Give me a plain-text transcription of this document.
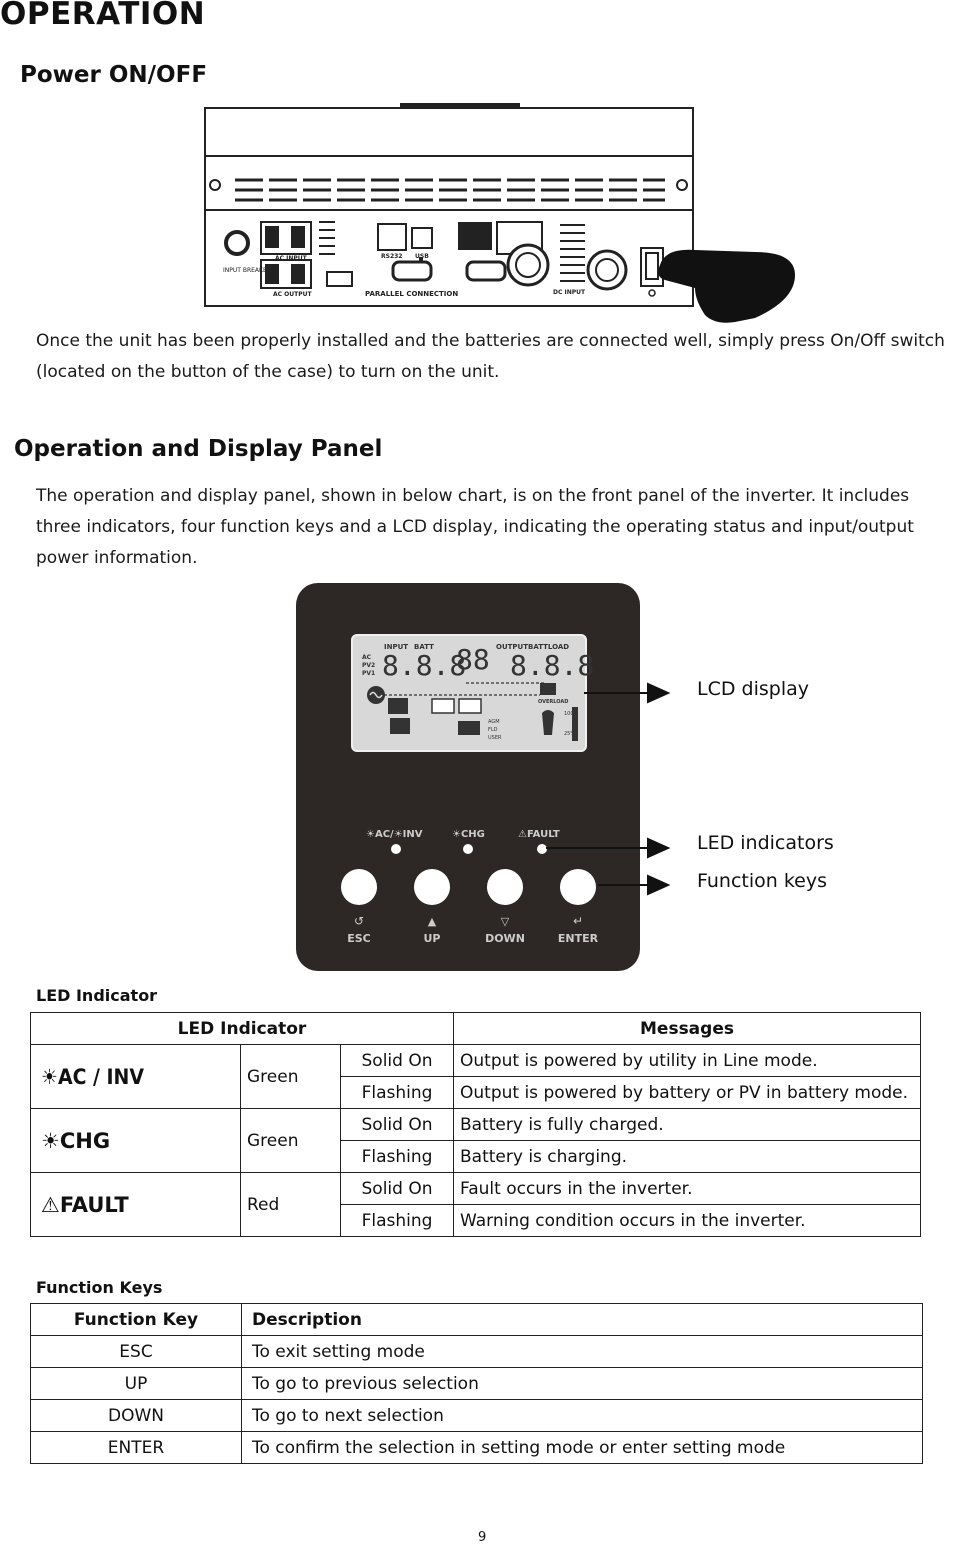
OPERATION
Power ON/OFF
INPUT BREAKER
AC INPUT
AC OUTPUT
RS232 USB
PARALLEL CONNECTION	DC INPUT
Once the unit has been properly installed and the batteries are connected well, simply press On/Off switch (located on the button of the case) to turn on the unit.
Operation and Display Panel
The operation and display panel, shown in below chart, is on the front panel of the inverter. It includes three indicators, four function keys and a LCD display, indicating the operating status and input/output power information.
INPUT BATT	OUTPUTBATTLOAD
AC
PV2
PV1 8.8.8
88 8.8.8
OVERLOAD
100%
25%
AGM
FLD
USER
☀AC/☀INV	☀CHG	⚠FAULT
↺	▲	▽	↵
ESC	UP	DOWN	ENTER
LCD display
LED indicators
Function keys
LED Indicator
LED Indicator			Messages
☀AC / INV	Green	Solid On	Output is powered by utility in Line mode.
		Flashing	Output is powered by battery or PV in battery mode.
☀CHG	Green	Solid On	Battery is fully charged.
		Flashing	Battery is charging.
⚠FAULT	Red	Solid On	Fault occurs in the inverter.
		Flashing	Warning condition occurs in the inverter.
Function Keys
Function Key	Description
ESC	To exit setting mode
UP	To go to previous selection
DOWN	To go to next selection
ENTER	To confirm the selection in setting mode or enter setting mode
9
